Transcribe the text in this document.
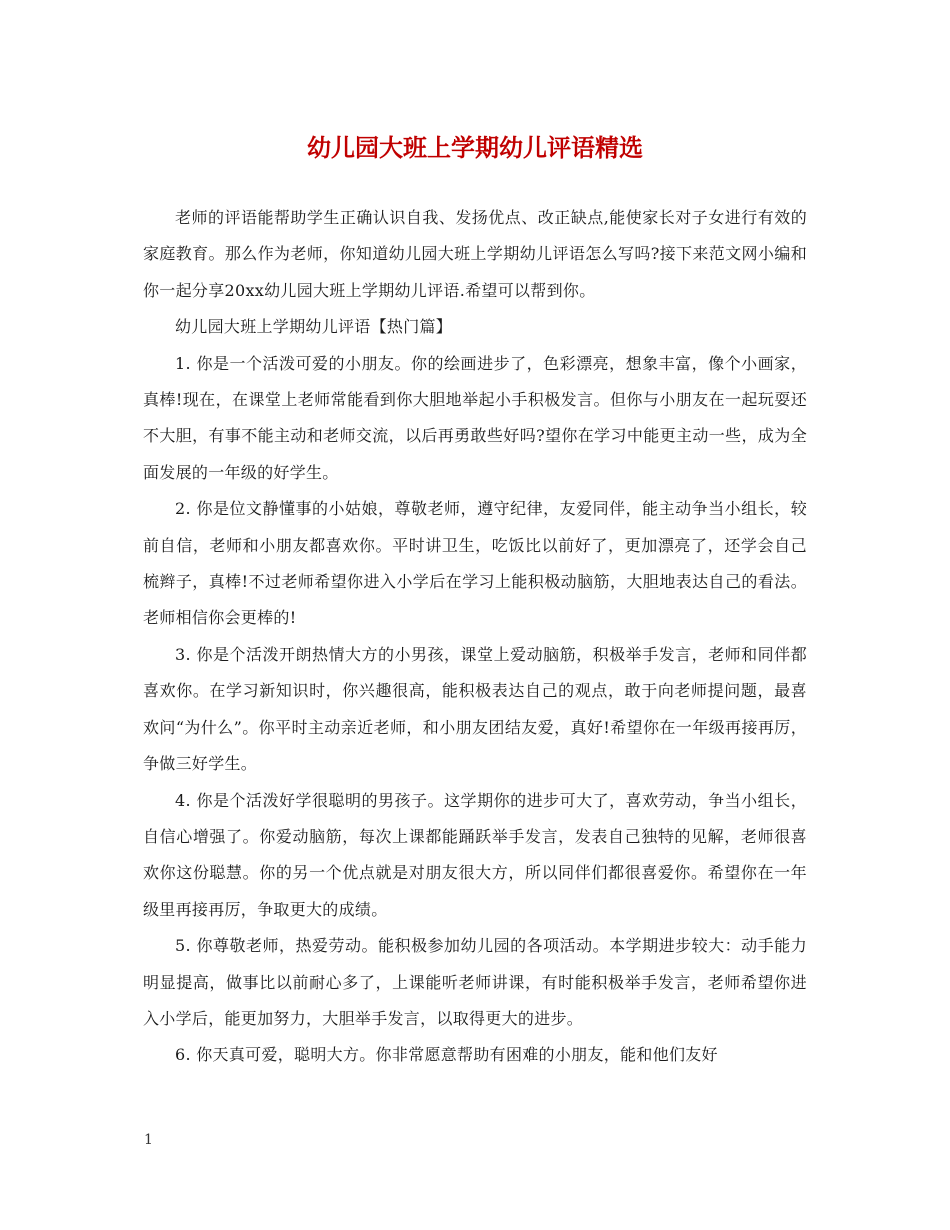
幼儿园大班上学期幼儿评语精选

老师的评语能帮助学生正确认识自我、发扬优点、改正缺点,能使家长对子女进行有效的家庭教育。那么作为老师，你知道幼儿园大班上学期幼儿评语怎么写吗?接下来范文网小编和你一起分享20xx幼儿园大班上学期幼儿评语.希望可以帮到你。

幼儿园大班上学期幼儿评语【热门篇】

1. 你是一个活泼可爱的小朋友。你的绘画进步了，色彩漂亮，想象丰富，像个小画家，真棒!现在，在课堂上老师常能看到你大胆地举起小手积极发言。但你与小朋友在一起玩耍还不大胆，有事不能主动和老师交流，以后再勇敢些好吗?望你在学习中能更主动一些，成为全面发展的一年级的好学生。

2. 你是位文静懂事的小姑娘，尊敬老师，遵守纪律，友爱同伴，能主动争当小组长，较前自信，老师和小朋友都喜欢你。平时讲卫生，吃饭比以前好了，更加漂亮了，还学会自己梳辫子，真棒!不过老师希望你进入小学后在学习上能积极动脑筋，大胆地表达自己的看法。老师相信你会更棒的!

3. 你是个活泼开朗热情大方的小男孩，课堂上爱动脑筋，积极举手发言，老师和同伴都喜欢你。在学习新知识时，你兴趣很高，能积极表达自己的观点，敢于向老师提问题，最喜欢问“为什么”。你平时主动亲近老师，和小朋友团结友爱，真好!希望你在一年级再接再厉，争做三好学生。

4. 你是个活泼好学很聪明的男孩子。这学期你的进步可大了，喜欢劳动，争当小组长，自信心增强了。你爱动脑筋，每次上课都能踊跃举手发言，发表自己独特的见解，老师很喜欢你这份聪慧。你的另一个优点就是对朋友很大方，所以同伴们都很喜爱你。希望你在一年级里再接再厉，争取更大的成绩。

5. 你尊敬老师，热爱劳动。能积极参加幼儿园的各项活动。本学期进步较大：动手能力明显提高，做事比以前耐心多了，上课能听老师讲课，有时能积极举手发言，老师希望你进入小学后，能更加努力，大胆举手发言，以取得更大的进步。

6. 你天真可爱，聪明大方。你非常愿意帮助有困难的小朋友，能和他们友好

1
